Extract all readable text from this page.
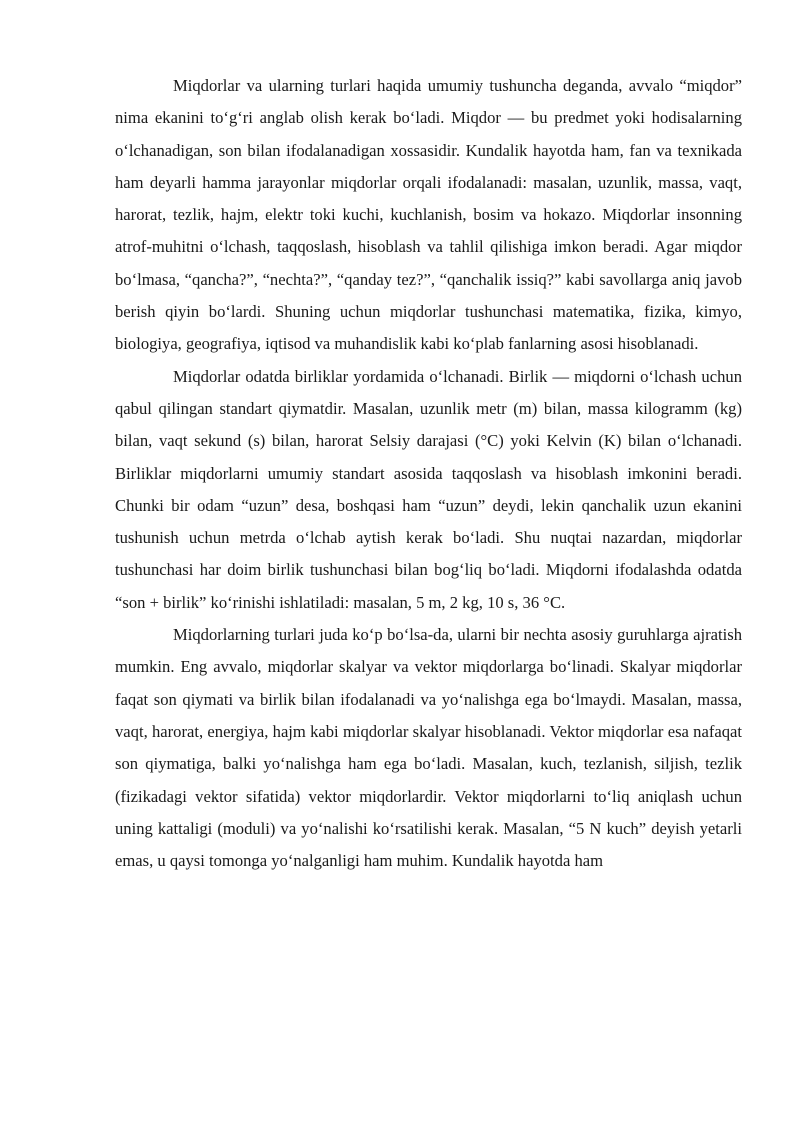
Miqdorlar va ularning turlari haqida umumiy tushuncha deganda, avvalo “miqdor” nima ekanini to‘g‘ri anglab olish kerak bo‘ladi. Miqdor — bu predmet yoki hodisalarning o‘lchanadigan, son bilan ifodalanadigan xossasidir. Kundalik hayotda ham, fan va texnikada ham deyarli hamma jarayonlar miqdorlar orqali ifodalanadi: masalan, uzunlik, massa, vaqt, harorat, tezlik, hajm, elektr toki kuchi, kuchlanish, bosim va hokazo. Miqdorlar insonning atrof-muhitni o‘lchash, taqqoslash, hisoblash va tahlil qilishiga imkon beradi. Agar miqdor bo‘lmasa, “qancha?”, “nechta?”, “qanday tez?”, “qanchalik issiq?” kabi savollarga aniq javob berish qiyin bo‘lardi. Shuning uchun miqdorlar tushunchasi matematika, fizika, kimyo, biologiya, geografiya, iqtisod va muhandislik kabi ko‘plab fanlarning asosi hisoblanadi.

Miqdorlar odatda birliklar yordamida o‘lchanadi. Birlik — miqdorni o‘lchash uchun qabul qilingan standart qiymatdir. Masalan, uzunlik metr (m) bilan, massa kilogramm (kg) bilan, vaqt sekund (s) bilan, harorat Selsiy darajasi (°C) yoki Kelvin (K) bilan o‘lchanadi. Birliklar miqdorlarni umumiy standart asosida taqqoslash va hisoblash imkonini beradi. Chunki bir odam “uzun” desa, boshqasi ham “uzun” deydi, lekin qanchalik uzun ekanini tushunish uchun metrda o‘lchab aytish kerak bo‘ladi. Shu nuqtai nazardan, miqdorlar tushunchasi har doim birlik tushunchasi bilan bog‘liq bo‘ladi. Miqdorni ifodalashda odatda “son + birlik” ko‘rinishi ishlatiladi: masalan, 5 m, 2 kg, 10 s, 36 °C.

Miqdorlarning turlari juda ko‘p bo‘lsa-da, ularni bir nechta asosiy guruhlarga ajratish mumkin. Eng avvalo, miqdorlar skalyar va vektor miqdorlarga bo‘linadi. Skalyar miqdorlar faqat son qiymati va birlik bilan ifodalanadi va yo‘nalishga ega bo‘lmaydi. Masalan, massa, vaqt, harorat, energiya, hajm kabi miqdorlar skalyar hisoblanadi. Vektor miqdorlar esa nafaqat son qiymatiga, balki yo‘nalishga ham ega bo‘ladi. Masalan, kuch, tezlanish, siljish, tezlik (fizikadagi vektor sifatida) vektor miqdorlardir. Vektor miqdorlarni to‘liq aniqlash uchun uning kattaligi (moduli) va yo‘nalishi ko‘rsatilishi kerak. Masalan, “5 N kuch” deyish yetarli emas, u qaysi tomonga yo‘nalganligi ham muhim. Kundalik hayotda ham
